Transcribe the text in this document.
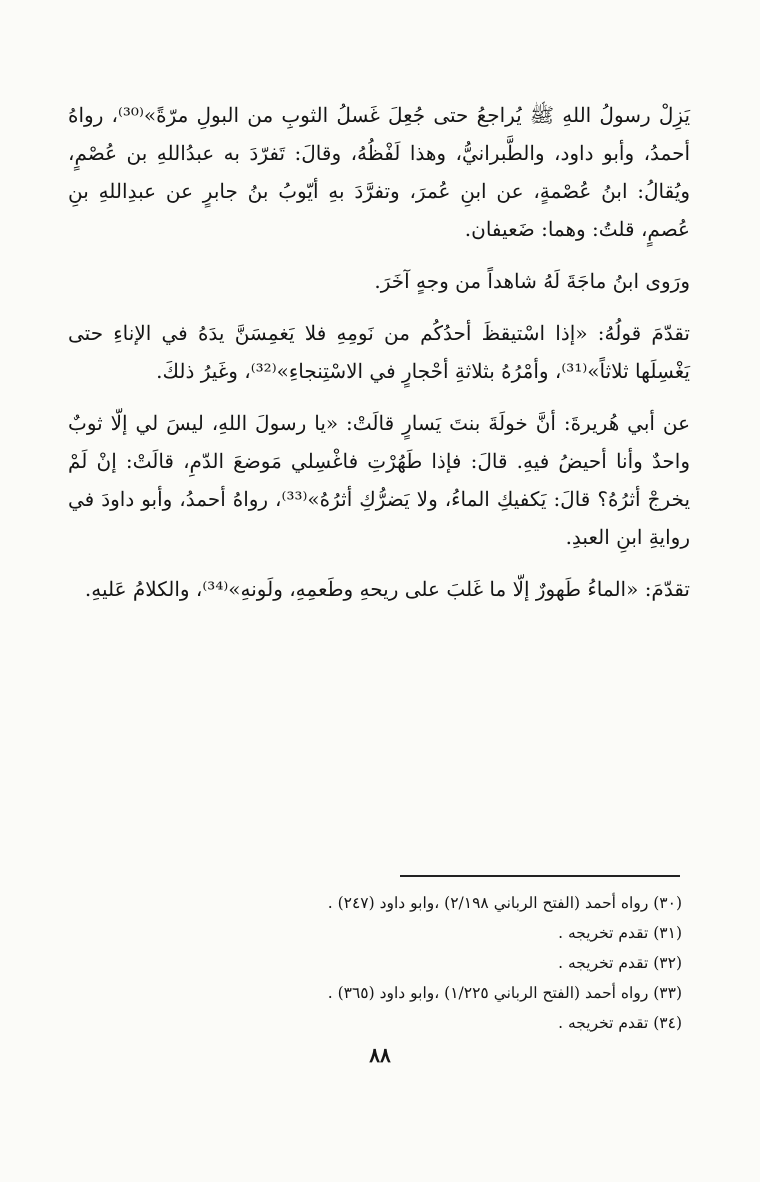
يَزِلْ رسولُ اللهِ ﷺ يُراجعُ حتى جُعِلَ غَسلُ الثوبِ من البولِ مرّةً»⁽³⁰⁾، رواهُ أحمدُ، وأبو داود، والطَّبرانيُّ، وهذا لَفْظُهُ، وقالَ: تَفرّدَ به عبدُاللهِ بن عُصْمٍ، ويُقالُ: ابنُ عُصْمةٍ، عن ابنِ عُمرَ، وتفرَّدَ بهِ أيّوبُ بنُ جابرٍ عن عبدِاللهِ بنِ عُصمٍ، قلتُ: وهما: ضَعيفان.

ورَوى ابنُ ماجَةَ لَهُ شاهداً من وجهٍ آخَرَ.

تقدّمَ قولُهُ: «إذا اسْتيقظَ أحدُكُم من نَومِهِ فلا يَغمِسَنَّ يدَهُ في الإناءِ حتى يَغْسِلَها ثلاثاً»⁽³¹⁾، وأمْرُهُ بثلاثةِ أحْجارٍ في الاسْتِنجاءِ»⁽³²⁾، وغَيرُ ذلكَ.

عن أبي هُريرةَ: أنَّ خولَةَ بنتَ يَسارٍ قالَتْ: «يا رسولَ اللهِ، ليسَ لي إلّا ثوبٌ واحدٌ وأنا أحيضُ فيهِ. قالَ: فإذا طَهُرْتِ فاغْسِلي مَوضعَ الدّمِ، قالَتْ: إنْ لَمْ يخرجْ أثرُهُ؟ قالَ: يَكفيكِ الماءُ، ولا يَضرُّكِ أثرُهُ»⁽³³⁾، رواهُ أحمدُ، وأبو داودَ في روايةِ ابنِ العبدِ.

تقدّمَ: «الماءُ طَهورٌ إلّا ما غَلبَ على ريحهِ وطَعمِهِ، ولَونهِ»⁽³⁴⁾، والكلامُ عَليهِ.

(٣٠) رواه أحمد (الفتح الرباني ٢/١٩٨) ،وابو داود (٢٤٧) .

(٣١) تقدم تخريجه .

(٣٢) تقدم تخريجه .

(٣٣) رواه أحمد (الفتح الرباني ١/٢٢٥) ،وابو داود (٣٦٥) .

(٣٤) تقدم تخريجه .

٨٨
